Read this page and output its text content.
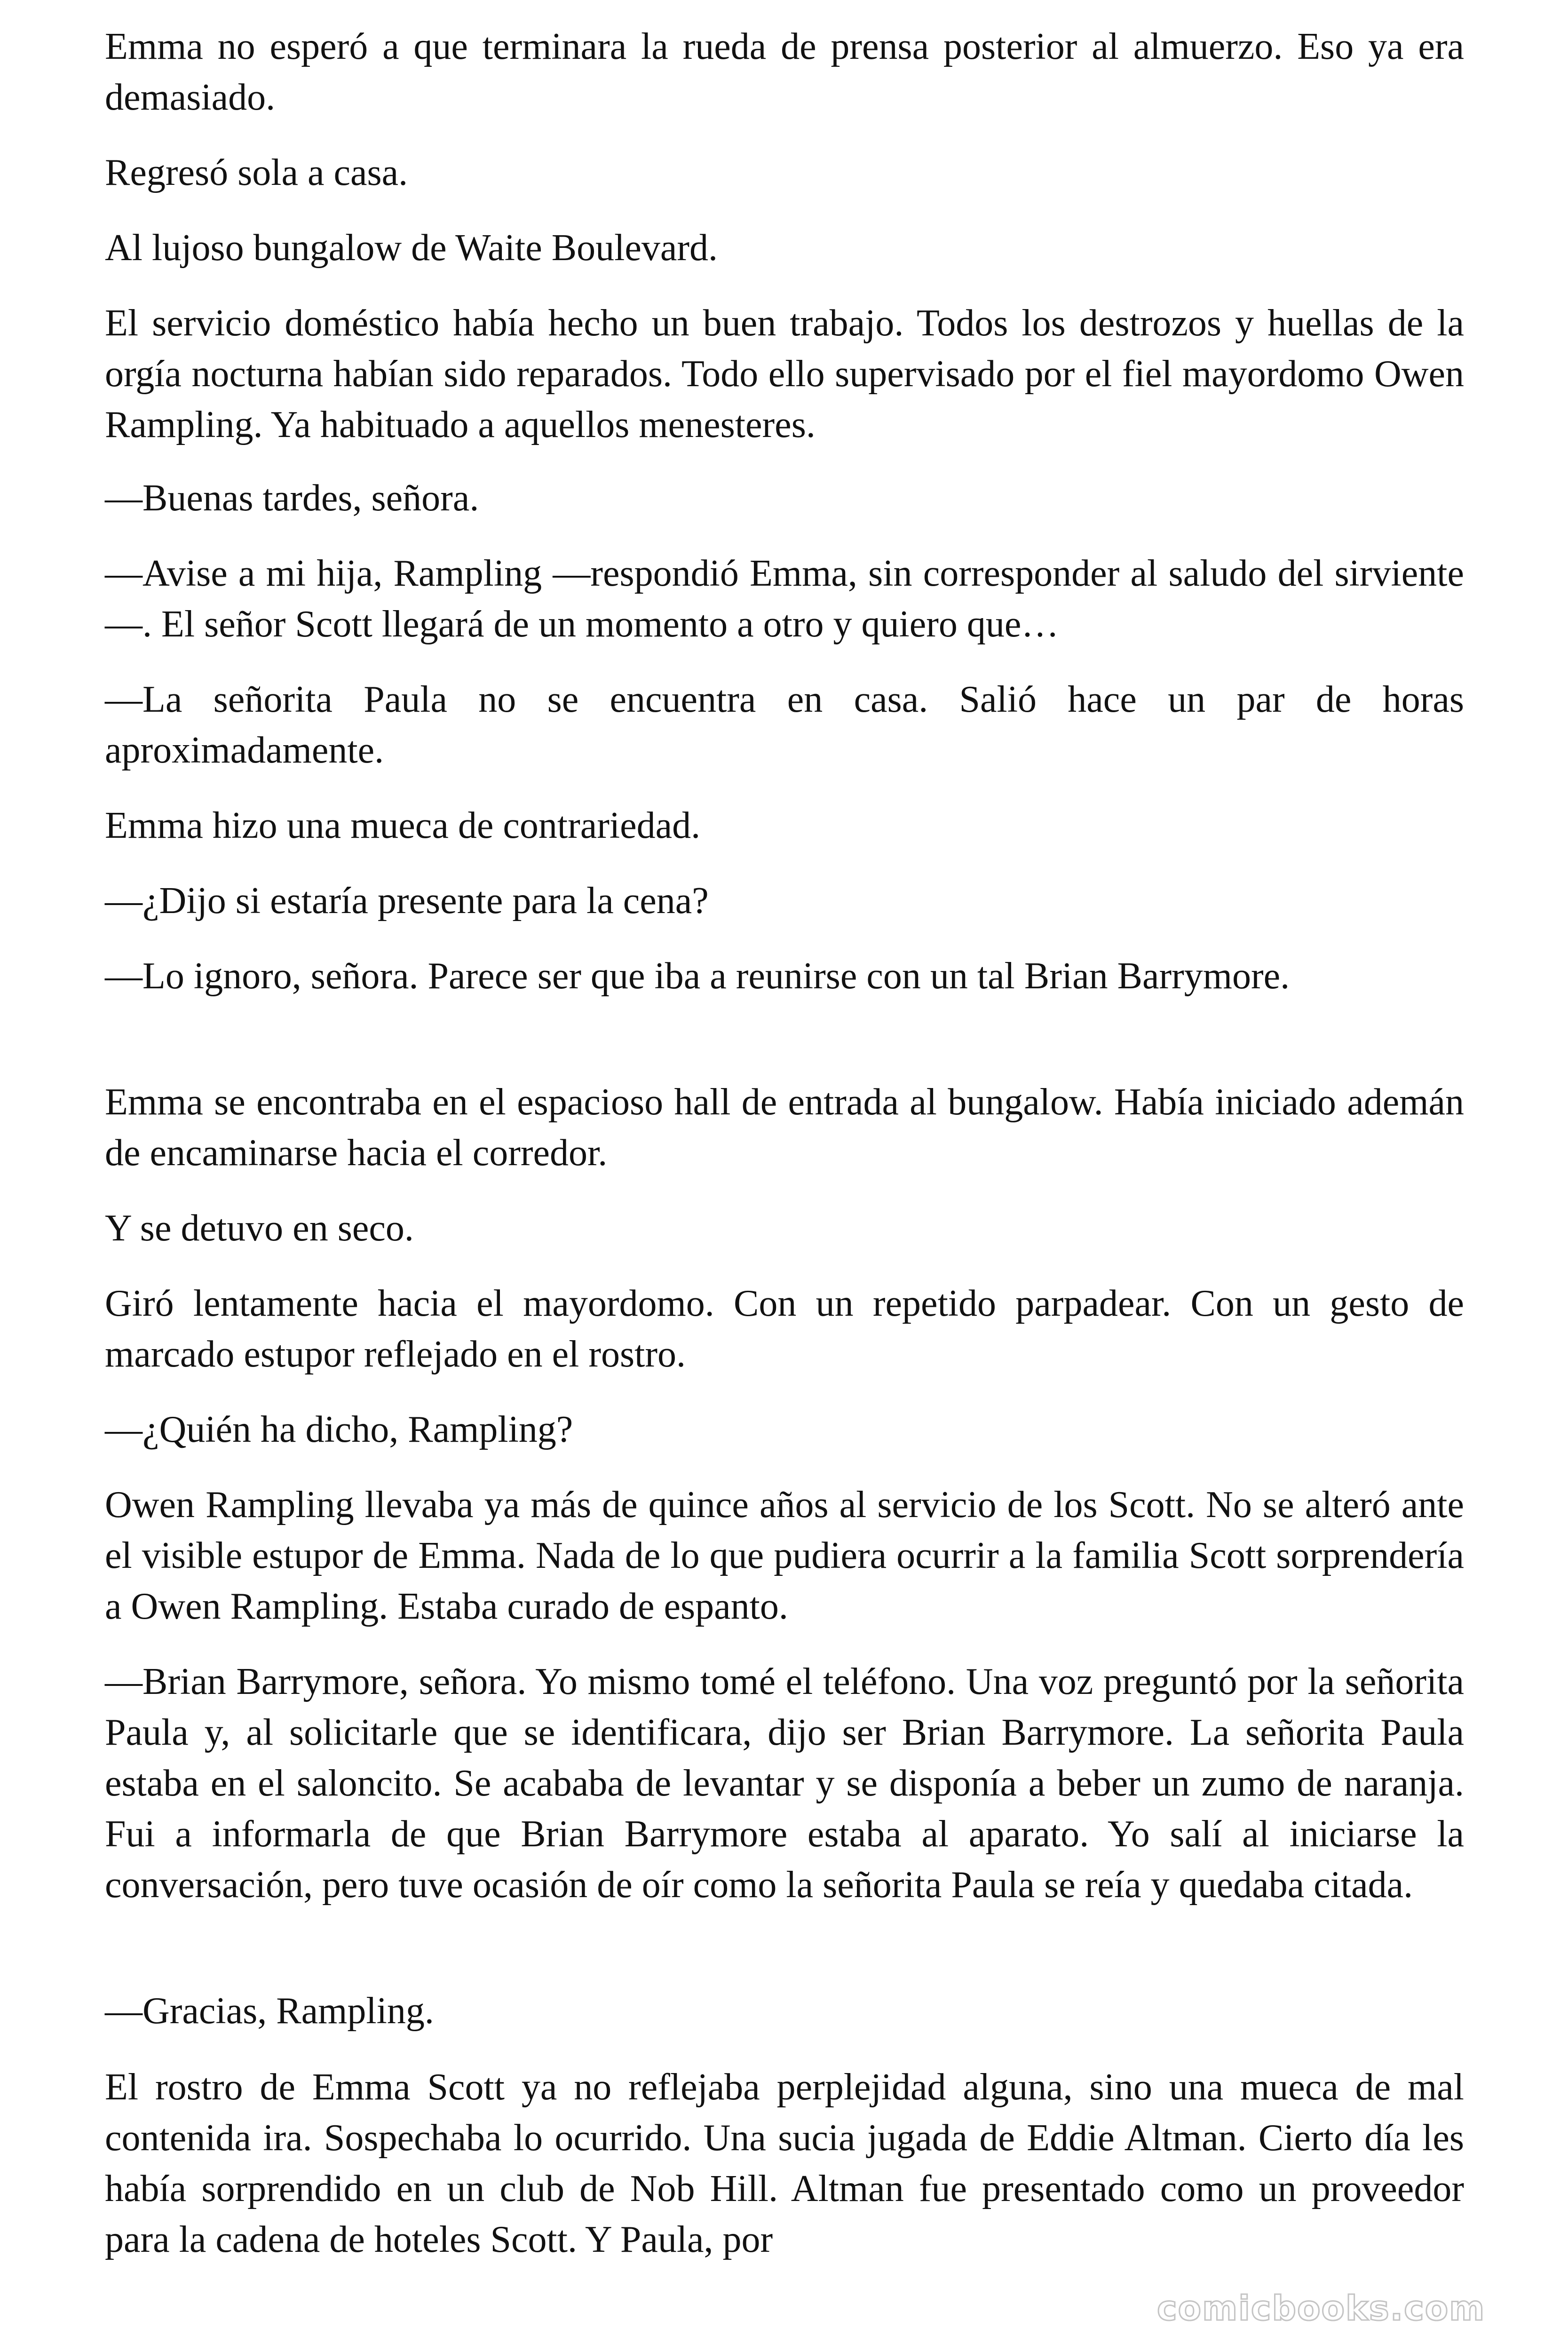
Emma no esperó a que terminara la rueda de prensa posterior al almuerzo. Eso ya era demasiado.

Regresó sola a casa.

Al lujoso bungalow de Waite Boulevard.

El servicio doméstico había hecho un buen trabajo. Todos los destrozos y huellas de la orgía nocturna habían sido reparados. Todo ello supervisado por el fiel mayordomo Owen Rampling. Ya habituado a aquellos menesteres.

—Buenas tardes, señora.

—Avise a mi hija, Rampling —respondió Emma, sin corresponder al saludo del sirviente—. El señor Scott llegará de un momento a otro y quiero que…

—La señorita Paula no se encuentra en casa. Salió hace un par de horas aproximadamente.

Emma hizo una mueca de contrariedad.

—¿Dijo si estaría presente para la cena?

—Lo ignoro, señora. Parece ser que iba a reunirse con un tal Brian Barrymore.

Emma se encontraba en el espacioso hall de entrada al bungalow. Había iniciado ademán de encaminarse hacia el corredor.

Y se detuvo en seco.

Giró lentamente hacia el mayordomo. Con un repetido parpadear. Con un gesto de marcado estupor reflejado en el rostro.

—¿Quién ha dicho, Rampling?

Owen Rampling llevaba ya más de quince años al servicio de los Scott. No se alteró ante el visible estupor de Emma. Nada de lo que pudiera ocurrir a la familia Scott sorprendería a Owen Rampling. Estaba curado de espanto.

—Brian Barrymore, señora. Yo mismo tomé el teléfono. Una voz preguntó por la señorita Paula y, al solicitarle que se identificara, dijo ser Brian Barrymore. La señorita Paula estaba en el saloncito. Se acababa de levantar y se disponía a beber un zumo de naranja. Fui a informarla de que Brian Barrymore estaba al aparato. Yo salí al iniciarse la conversación, pero tuve ocasión de oír como la señorita Paula se reía y quedaba citada.

—Gracias, Rampling.

El rostro de Emma Scott ya no reflejaba perplejidad alguna, sino una mueca de mal contenida ira. Sospechaba lo ocurrido. Una sucia jugada de Eddie Altman. Cierto día les había sorprendido en un club de Nob Hill. Altman fue presentado como un proveedor para la cadena de hoteles Scott. Y Paula, por

comicbooks.com
